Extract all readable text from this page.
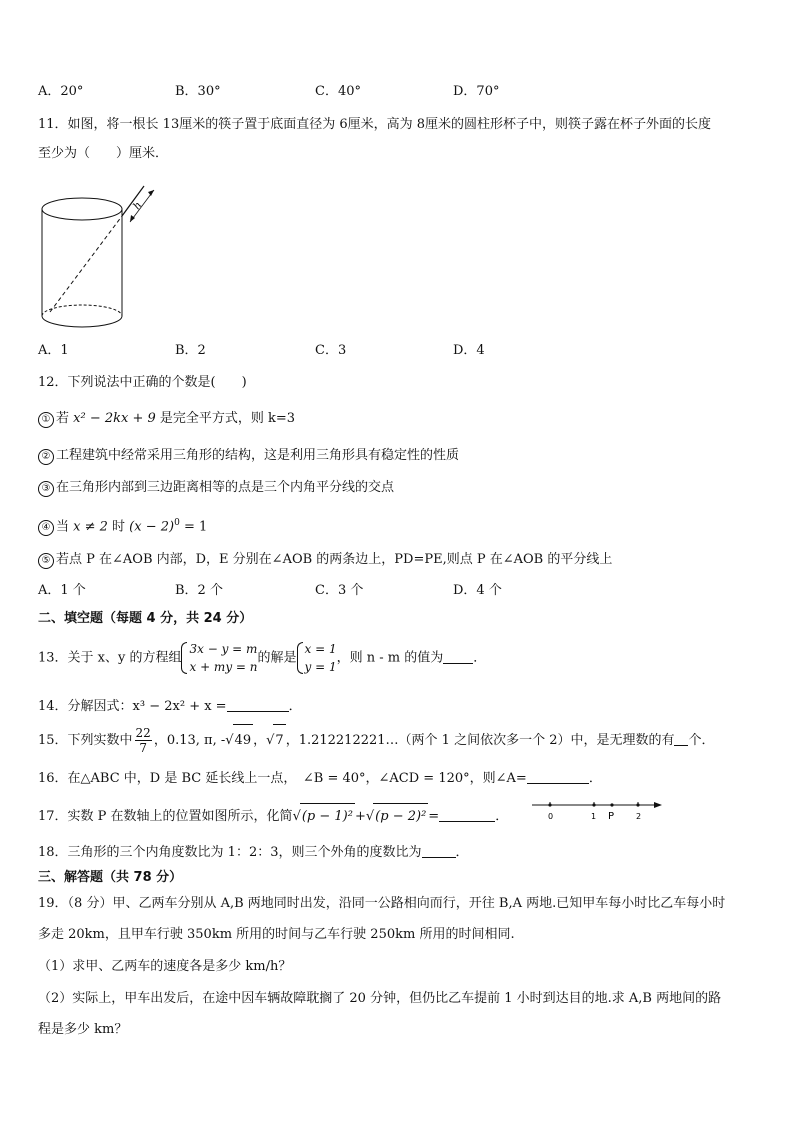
A．20°	B．30°	C．40°	D．70°
11．如图，将一根长 13厘米的筷子置于底面直径为 6厘米，高为 8厘米的圆柱形杯子中，则筷子露在杯子外面的长度
至少为（　　）厘米．
h
A．1	B．2	C．3	D．4
12．下列说法中正确的个数是(　　)
① 若 x² − 2kx + 9 是完全平方式，则 k=3
② 工程建筑中经常采用三角形的结构，这是利用三角形具有稳定性的性质
③ 在三角形内部到三边距离相等的点是三个内角平分线的交点
④ 当 x ≠ 2 时 $(x - 2)^0 = 1$
⑤ 若点 P 在∠AOB 内部，D，E 分别在∠AOB 的两条边上，PD=PE,则点 P 在∠AOB 的平分线上
A．1 个	B．2 个	C．3 个	D．4 个
二、填空题（每题 4 分，共 24 分）
13．关于 x、y 的方程组
3x − y = m
x + my = n
的解是
x = 1
y = 1
，则 n - m 的值为 ．
14．分解因式：x³ − 2x² + x =	．
15．下列实数中 $\frac{22}{7}$ ，0.13, π, -√49 ，√7 ，1.212212221…（两个 1 之间依次多一个 2）中，是无理数的有 个．
16．在△ABC 中，D 是 BC 延长线上一点，　∠B = 40°，∠ACD = 120°，则∠A=	．
17．实数 P 在数轴上的位置如图所示，化简√(p − 1)² +√(p − 2)² =	．	0	1 P	2
18．三角形的三个内角度数比为 1：2：3，则三个外角的度数比为	．
三、解答题（共 78 分）
19．（8 分）甲、乙两车分别从 A,B 两地同时出发，沿同一公路相向而行，开往 B,A 两地.已知甲车每小时比乙车每小时
多走 20km，且甲车行驶 350km 所用的时间与乙车行驶 250km 所用的时间相同.
（1）求甲、乙两车的速度各是多少 km/h？
（2）实际上，甲车出发后，在途中因车辆故障耽搁了 20 分钟，但仍比乙车提前 1 小时到达目的地.求 A,B 两地间的路
程是多少 km？
